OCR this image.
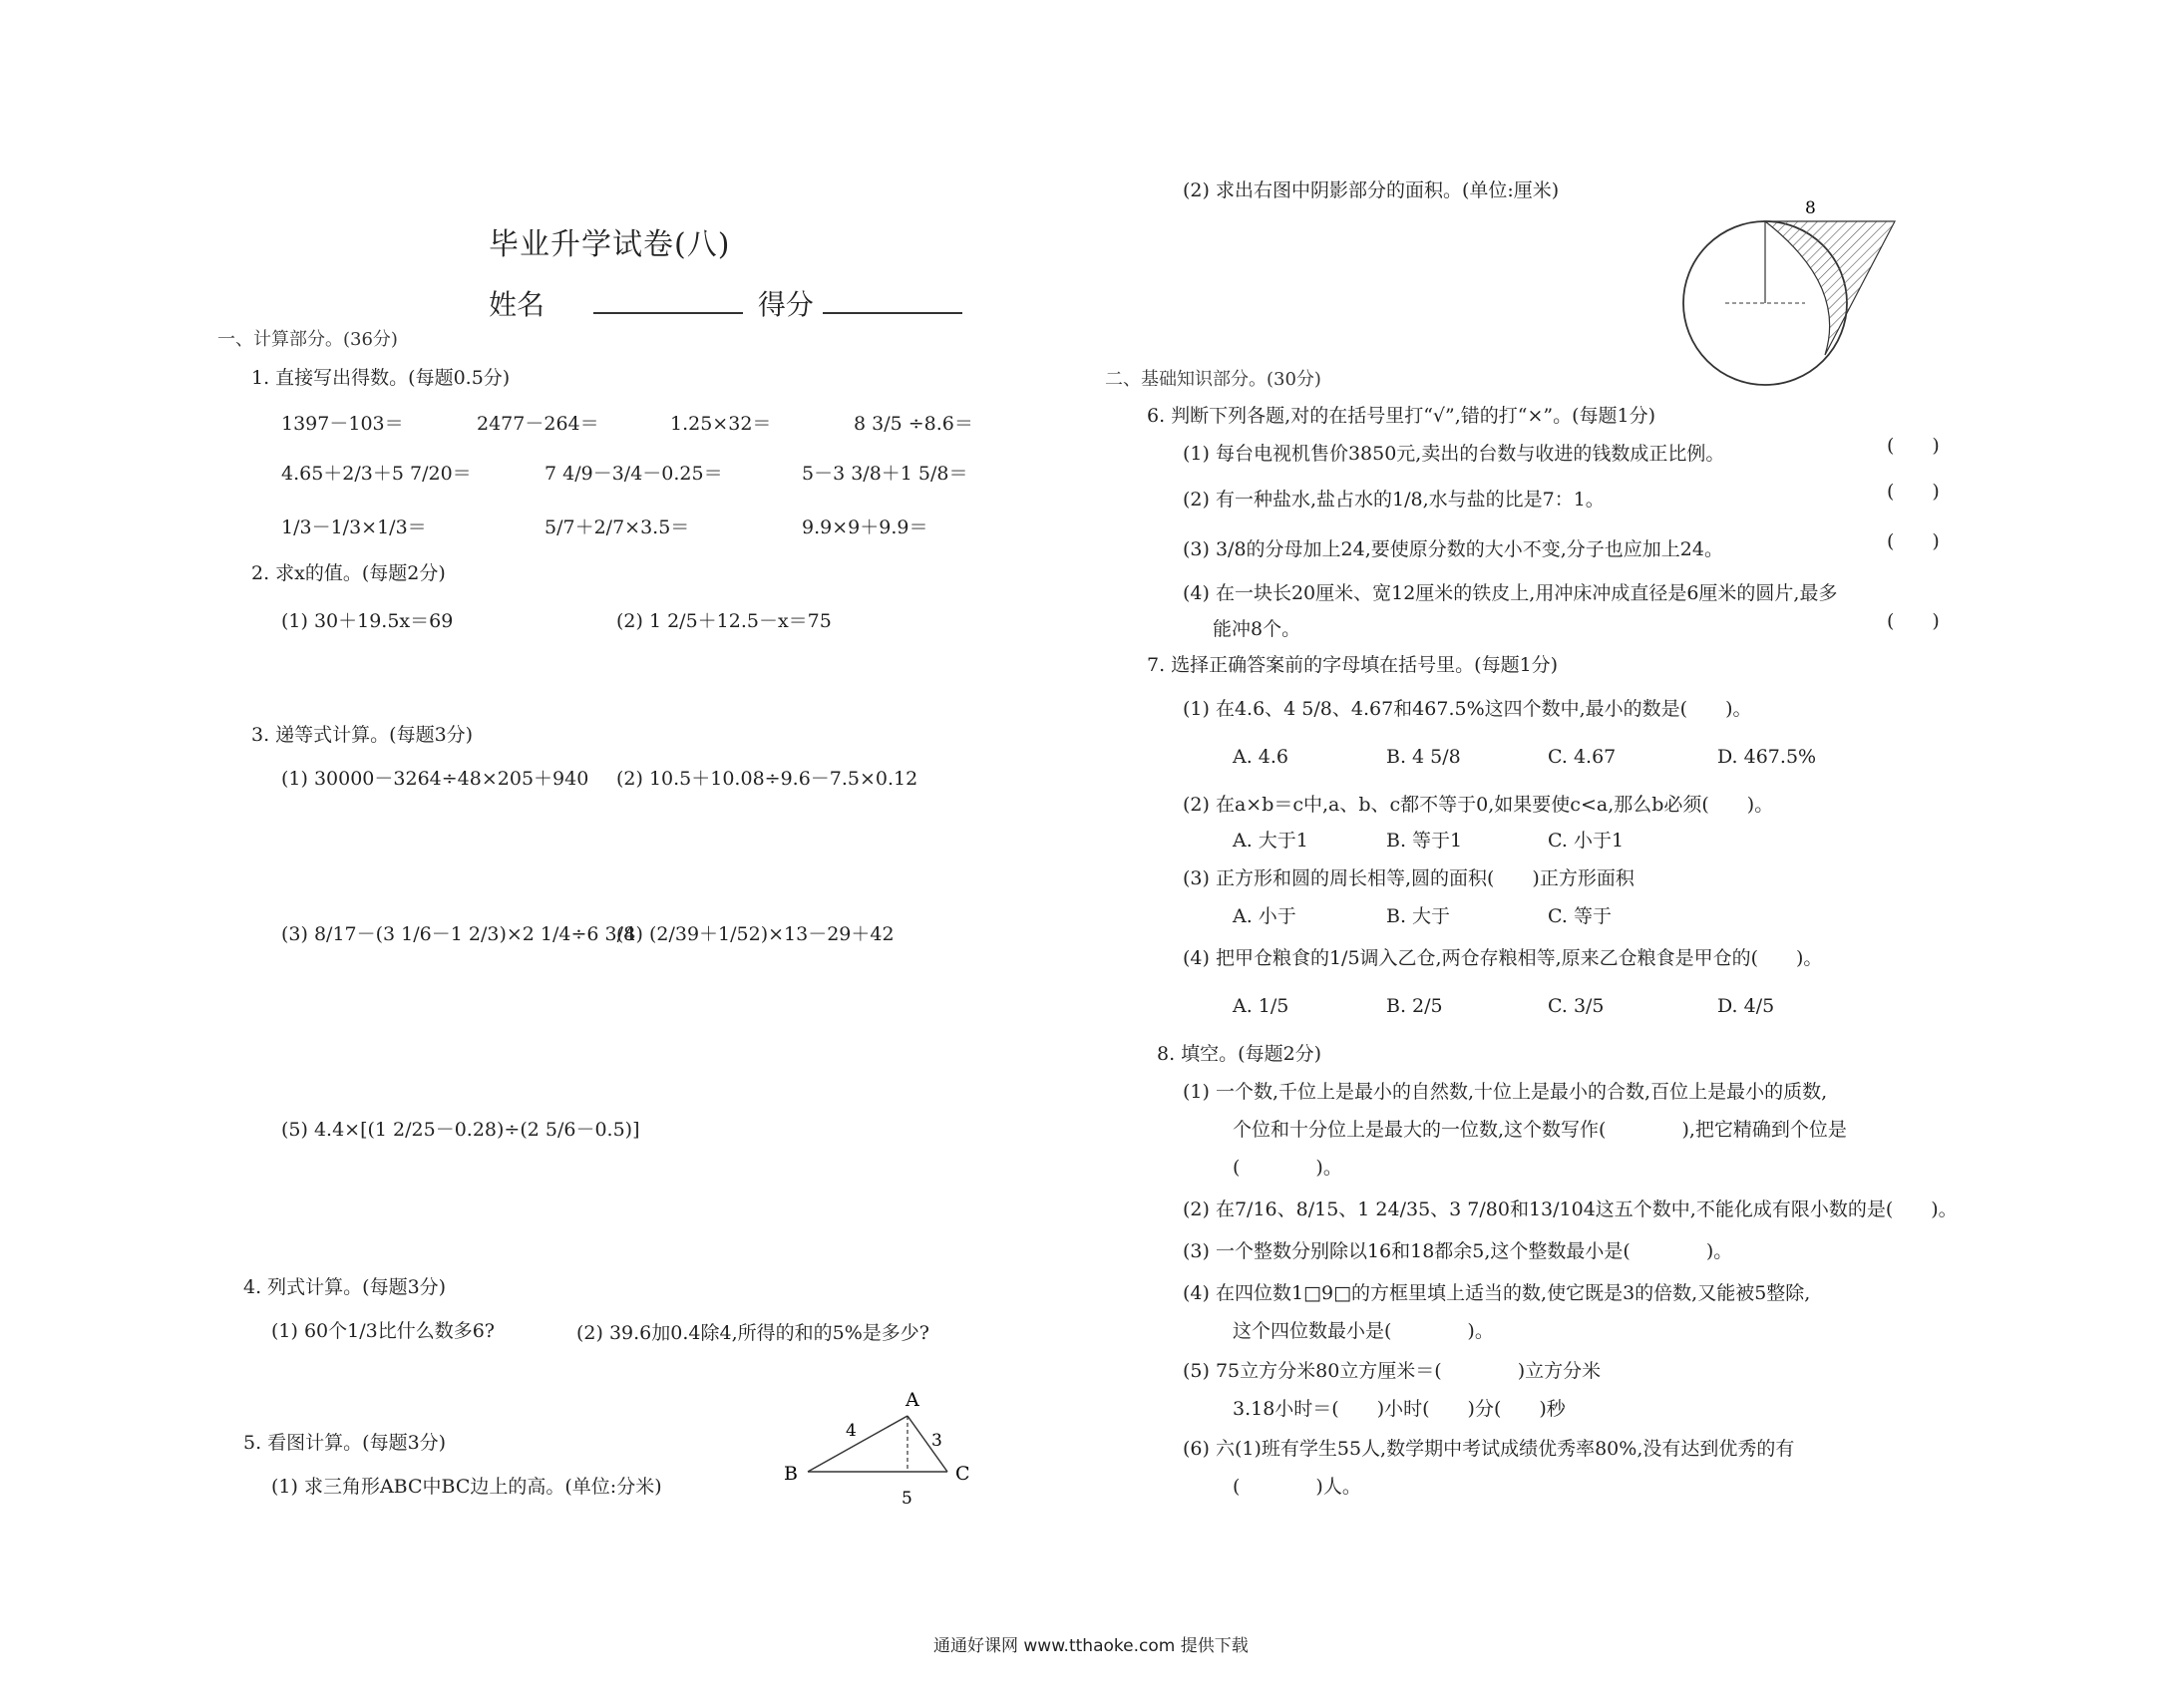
毕业升学试卷(八)
姓名	得分
一、计算部分。(36分)
1. 直接写出得数。(每题0.5分)
1397－103＝	2477－264＝	1.25×32＝	8 3/5 ÷8.6＝
4.65＋2/3＋5 7/20＝	7 4/9－3/4－0.25＝	5－3 3/8＋1 5/8＝
1/3－1/3×1/3＝	5/7＋2/7×3.5＝	9.9×9＋9.9＝
2. 求x的值。(每题2分)
(1) 30＋19.5x＝69	(2) 1 2/5＋12.5－x＝75
3. 递等式计算。(每题3分)
(1) 30000－3264÷48×205＋940 (2) 10.5＋10.08÷9.6－7.5×0.12
(3) 8/17－(3 1/6－1 2/3)×2 1/4÷6 3/8
(4) (2/39＋1/52)×13－29＋42
(5) 4.4×[(1 2/25－0.28)÷(2 5/6－0.5)]
4. 列式计算。(每题3分)
(1) 60个1/3比什么数多6?	(2) 39.6加0.4除4,所得的和的5%是多少?
5. 看图计算。(每题3分)
(1) 求三角形ABC中BC边上的高。(单位:分米)
A
B	C
4	3
5
(2) 求出右图中阴影部分的面积。(单位:厘米)
8
二、基础知识部分。(30分)
6. 判断下列各题,对的在括号里打“√”,错的打“×”。(每题1分)
(1) 每台电视机售价3850元,卖出的台数与收进的钱数成正比例。	(　　)
(2) 有一种盐水,盐占水的1/8,水与盐的比是7：1。	(　　)
(3) 3/8的分母加上24,要使原分数的大小不变,分子也应加上24。	(　　)
(4) 在一块长20厘米、宽12厘米的铁皮上,用冲床冲成直径是6厘米的圆片,最多
能冲8个。	(　　)
7. 选择正确答案前的字母填在括号里。(每题1分)
(1) 在4.6、4 5/8、4.67和467.5%这四个数中,最小的数是(　　)。
A. 4.6	B. 4 5/8	C. 4.67	D. 467.5%
(2) 在a×b＝c中,a、b、c都不等于0,如果要使c<a,那么b必须(　　)。
A. 大于1	B. 等于1	C. 小于1
(3) 正方形和圆的周长相等,圆的面积(　　)正方形面积
A. 小于	B. 大于	C. 等于
(4) 把甲仓粮食的1/5调入乙仓,两仓存粮相等,原来乙仓粮食是甲仓的(　　)。
A. 1/5	B. 2/5	C. 3/5	D. 4/5
8. 填空。(每题2分)
(1) 一个数,千位上是最小的自然数,十位上是最小的合数,百位上是最小的质数,
个位和十分位上是最大的一位数,这个数写作(　　　　),把它精确到个位是
(　　　　)。
(2) 在7/16、8/15、1 24/35、3 7/80和13/104这五个数中,不能化成有限小数的是(　　)。
(3) 一个整数分别除以16和18都余5,这个整数最小是(　　　　)。
(4) 在四位数1□9□的方框里填上适当的数,使它既是3的倍数,又能被5整除,
这个四位数最小是(　　　　)。
(5) 75立方分米80立方厘米＝(　　　　)立方分米
3.18小时＝(　　)小时(　　)分(　　)秒
(6) 六(1)班有学生55人,数学期中考试成绩优秀率80%,没有达到优秀的有
(　　　　)人。
通通好课网 www.tthaoke.com 提供下载
